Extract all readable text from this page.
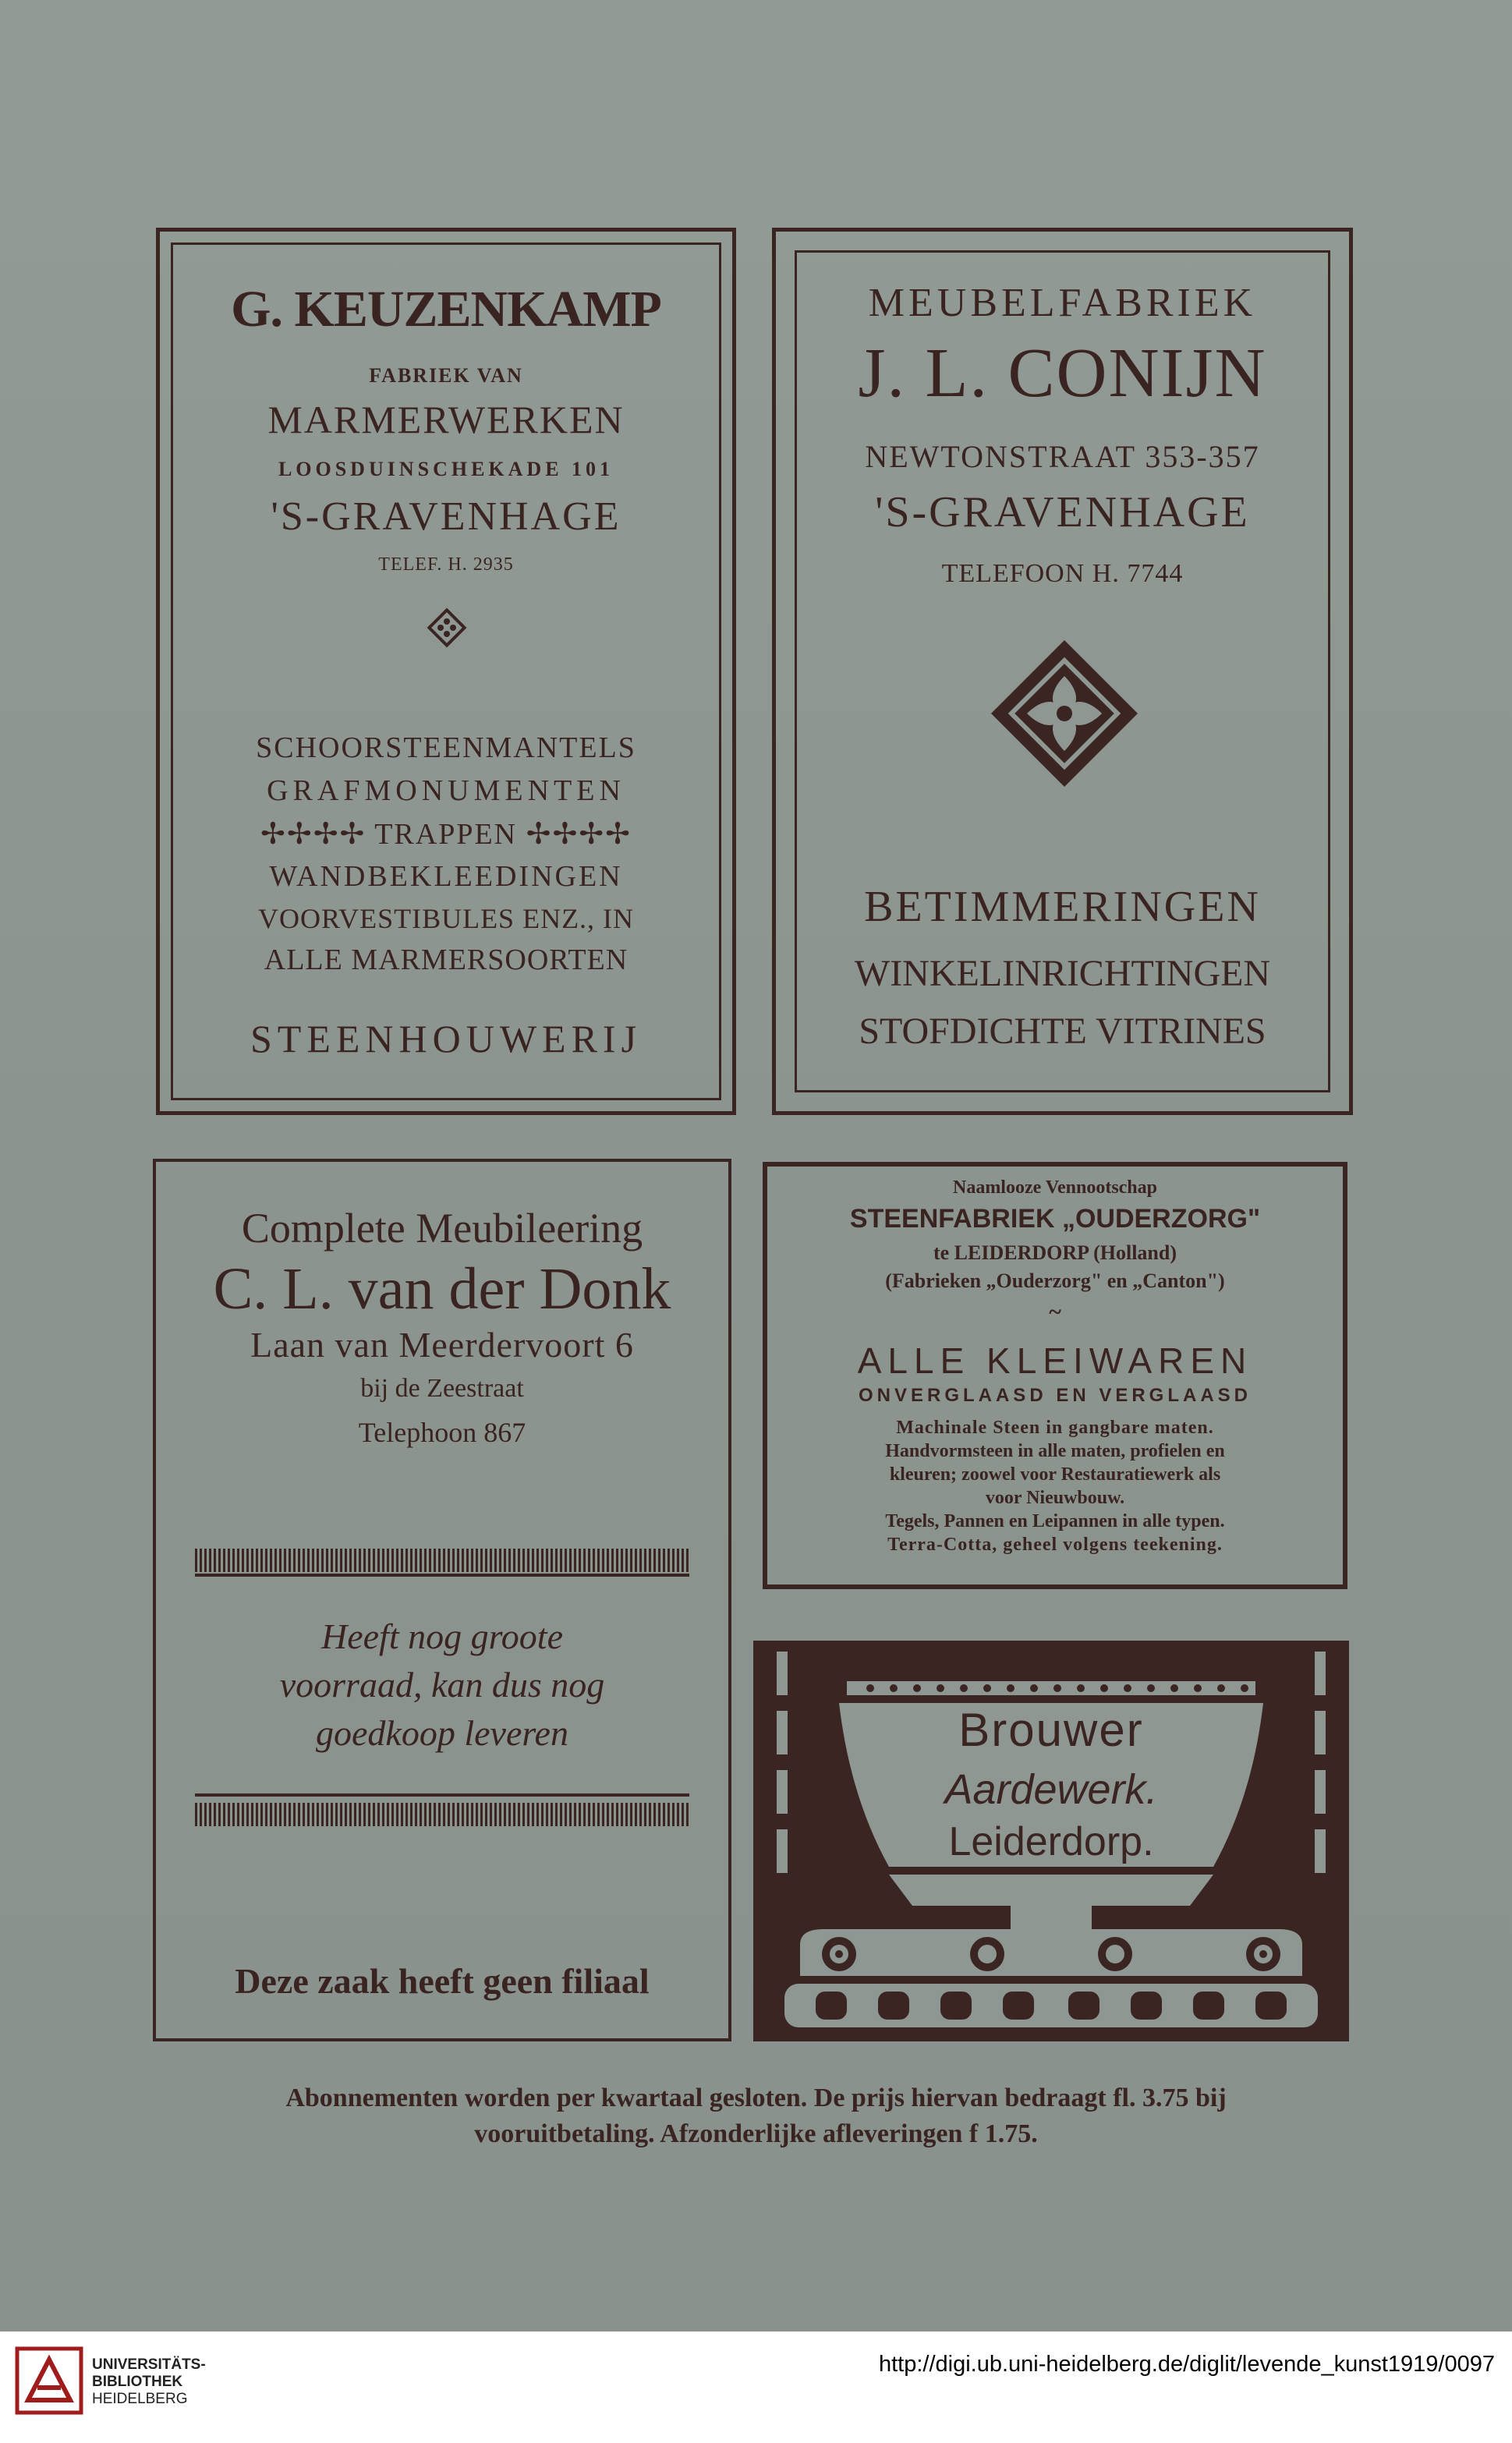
G. KEUZENKAMP
FABRIEK VAN
MARMERWERKEN
LOOSDUINSCHEKADE 101
'S-GRAVENHAGE
TELEF. H. 2935
SCHOORSTEENMANTELS
GRAFMONUMENTEN
✢✢✢✢ TRAPPEN ✢✢✢✢
WANDBEKLEEDINGEN
VOORVESTIBULES ENZ., IN
ALLE MARMERSOORTEN
STEENHOUWERIJ
MEUBELFABRIEK
J. L. CONIJN
NEWTONSTRAAT 353-357
'S-GRAVENHAGE
TELEFOON H. 7744
BETIMMERINGEN
WINKELINRICHTINGEN
STOFDICHTE VITRINES
Complete Meubileering
C. L. van der Donk
Laan van Meerdervoort 6
bij de Zeestraat
Telephoon 867
Heeft nog groote
voorraad, kan dus nog
goedkoop leveren
Deze zaak heeft geen filiaal
Naamlooze Vennootschap
STEENFABRIEK „OUDERZORG"
te LEIDERDORP (Holland)
(Fabrieken „Ouderzorg" en „Canton")
~
ALLE KLEIWAREN
ONVERGLAASD EN VERGLAASD
Machinale Steen in gangbare maten.
Handvormsteen in alle maten, profielen en
kleuren; zoowel voor Restauratiewerk als
voor Nieuwbouw.
Tegels, Pannen en Leipannen in alle typen.
Terra-Cotta, geheel volgens teekening.
Brouwer
Aardewerk.
Leiderdorp.
Abonnementen worden per kwartaal gesloten. De prijs hiervan bedraagt fl. 3.75 bij
vooruitbetaling. Afzonderlijke afleveringen f 1.75.
UNIVERSITÄTS-
BIBLIOTHEK
HEIDELBERG
http://digi.ub.uni-heidelberg.de/diglit/levende_kunst1919/0097
